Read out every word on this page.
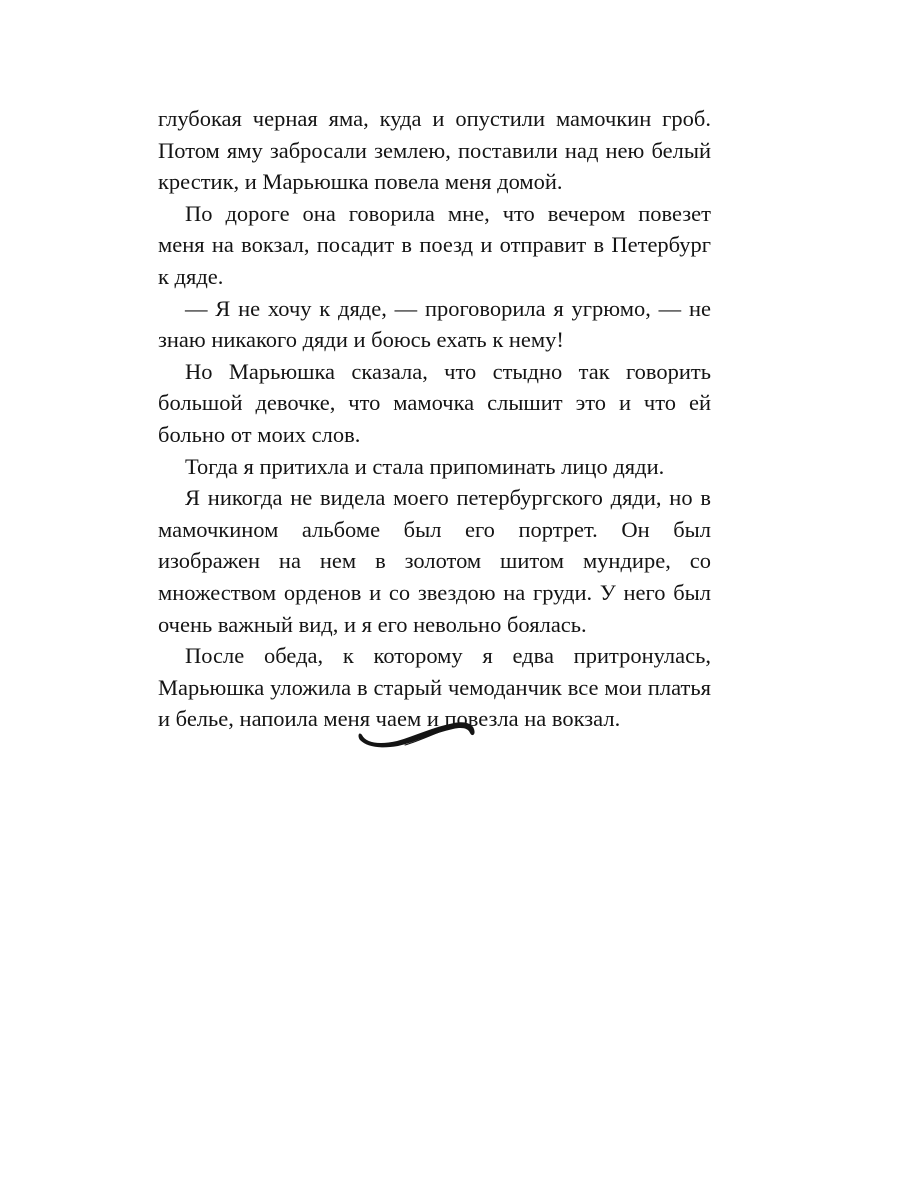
глубокая черная яма, куда и опустили мамочкин гроб. Потом яму забросали землею, поставили над нею белый крестик, и Марьюшка повела меня домой.

По дороге она говорила мне, что вечером повезет меня на вокзал, посадит в поезд и отправит в Петербург к дяде.

— Я не хочу к дяде, — проговорила я угрюмо, — не знаю никакого дяди и боюсь ехать к нему!

Но Марьюшка сказала, что стыдно так говорить большой девочке, что мамочка слышит это и что ей больно от моих слов.

Тогда я притихла и стала припоминать лицо дяди.

Я никогда не видела моего петербургского дяди, но в мамочкином альбоме был его портрет. Он был изображен на нем в золотом шитом мундире, со множеством орденов и со звездою на груди. У него был очень важный вид, и я его невольно боялась.

После обеда, к которому я едва притронулась, Марьюшка уложила в старый чемоданчик все мои платья и белье, напоила меня чаем и повезла на вокзал.
